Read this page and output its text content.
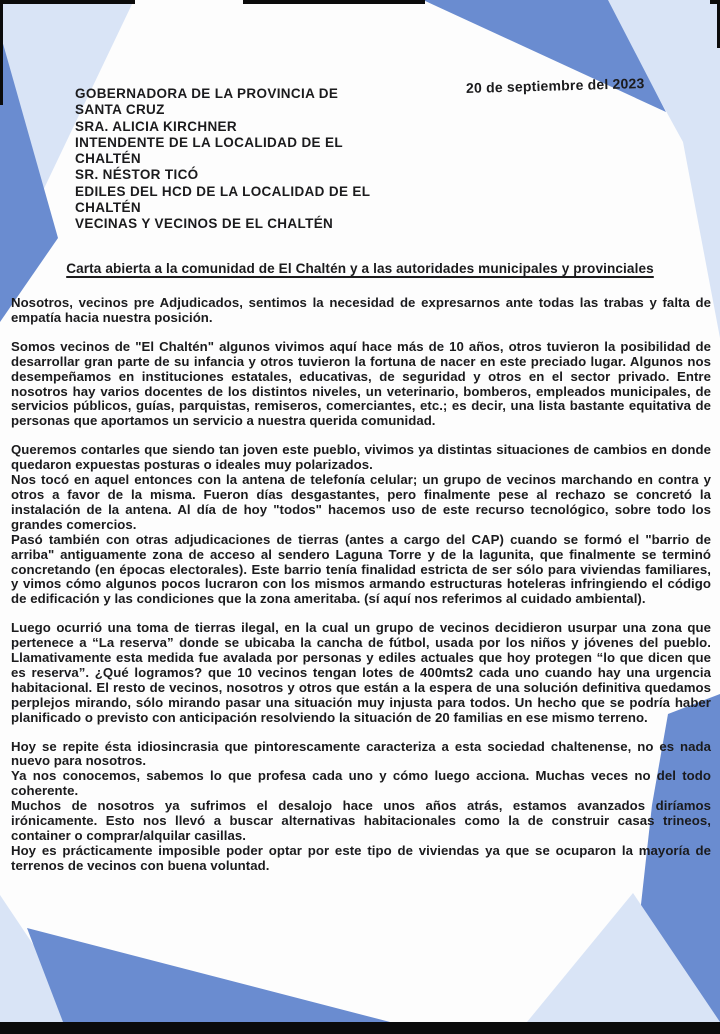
20 de septiembre del 2023
GOBERNADORA DE LA PROVINCIA DE
SANTA CRUZ
SRA. ALICIA KIRCHNER
INTENDENTE DE LA LOCALIDAD DE EL
CHALTÉN
SR. NÉSTOR TICÓ
EDILES DEL HCD DE LA LOCALIDAD DE EL
CHALTÉN
VECINAS Y VECINOS DE EL CHALTÉN
Carta abierta a la comunidad de El Chaltén y a las autoridades municipales y provinciales

Nosotros, vecinos pre Adjudicados, sentimos la necesidad de expresarnos ante todas las trabas y falta de empatía hacia nuestra posición.

Somos vecinos de "El Chaltén" algunos vivimos aquí hace más de 10 años, otros tuvieron la posibilidad de desarrollar gran parte de su infancia y otros tuvieron la fortuna de nacer en este preciado lugar. Algunos nos desempeñamos en instituciones estatales, educativas, de seguridad y otros en el sector privado. Entre nosotros hay varios docentes de los distintos niveles, un veterinario, bomberos, empleados municipales, de servicios públicos, guías, parquistas, remiseros, comerciantes, etc.; es decir, una lista bastante equitativa de personas que aportamos un servicio a nuestra querida comunidad.

Queremos contarles que siendo tan joven este pueblo, vivimos ya distintas situaciones de cambios en donde quedaron expuestas posturas o ideales muy polarizados.

Nos tocó en aquel entonces con la antena de telefonía celular; un grupo de vecinos marchando en contra y otros a favor de la misma. Fueron días desgastantes, pero finalmente pese al rechazo se concretó la instalación de la antena. Al día de hoy "todos" hacemos uso de este recurso tecnológico, sobre todo los grandes comercios.

Pasó también con otras adjudicaciones de tierras (antes a cargo del CAP) cuando se formó el "barrio de arriba" antiguamente zona de acceso al sendero Laguna Torre y de la lagunita, que finalmente se terminó concretando (en épocas electorales). Este barrio tenía finalidad estricta de ser sólo para viviendas familiares, y vimos cómo algunos pocos lucraron con los mismos armando estructuras hoteleras infringiendo el código de edificación y las condiciones que la zona ameritaba. (sí aquí nos referimos al cuidado ambiental).

Luego ocurrió una toma de tierras ilegal, en la cual un grupo de vecinos decidieron usurpar una zona que pertenece a “La reserva” donde se ubicaba la cancha de fútbol, usada por los niños y jóvenes del pueblo. Llamativamente esta medida fue avalada por personas y ediles actuales que hoy protegen “lo que dicen que es reserva”. ¿Qué logramos? que 10 vecinos tengan lotes de 400mts2 cada uno cuando hay una urgencia habitacional. El resto de vecinos, nosotros y otros que están a la espera de una solución definitiva quedamos perplejos mirando, sólo mirando pasar una situación muy injusta para todos. Un hecho que se podría haber planificado o previsto con anticipación resolviendo la situación de 20 familias en ese mismo terreno.

Hoy se repite ésta idiosincrasia que pintorescamente caracteriza a esta sociedad chaltenense, no es nada nuevo para nosotros.

Ya nos conocemos, sabemos lo que profesa cada uno y cómo luego acciona. Muchas veces no del todo coherente.

Muchos de nosotros ya sufrimos el desalojo hace unos años atrás, estamos avanzados diríamos irónicamente. Esto nos llevó a buscar alternativas habitacionales como la de construir casas trineos, container o comprar/alquilar casillas.

Hoy es prácticamente imposible poder optar por este tipo de viviendas ya que se ocuparon la mayoría de terrenos de vecinos con buena voluntad.
